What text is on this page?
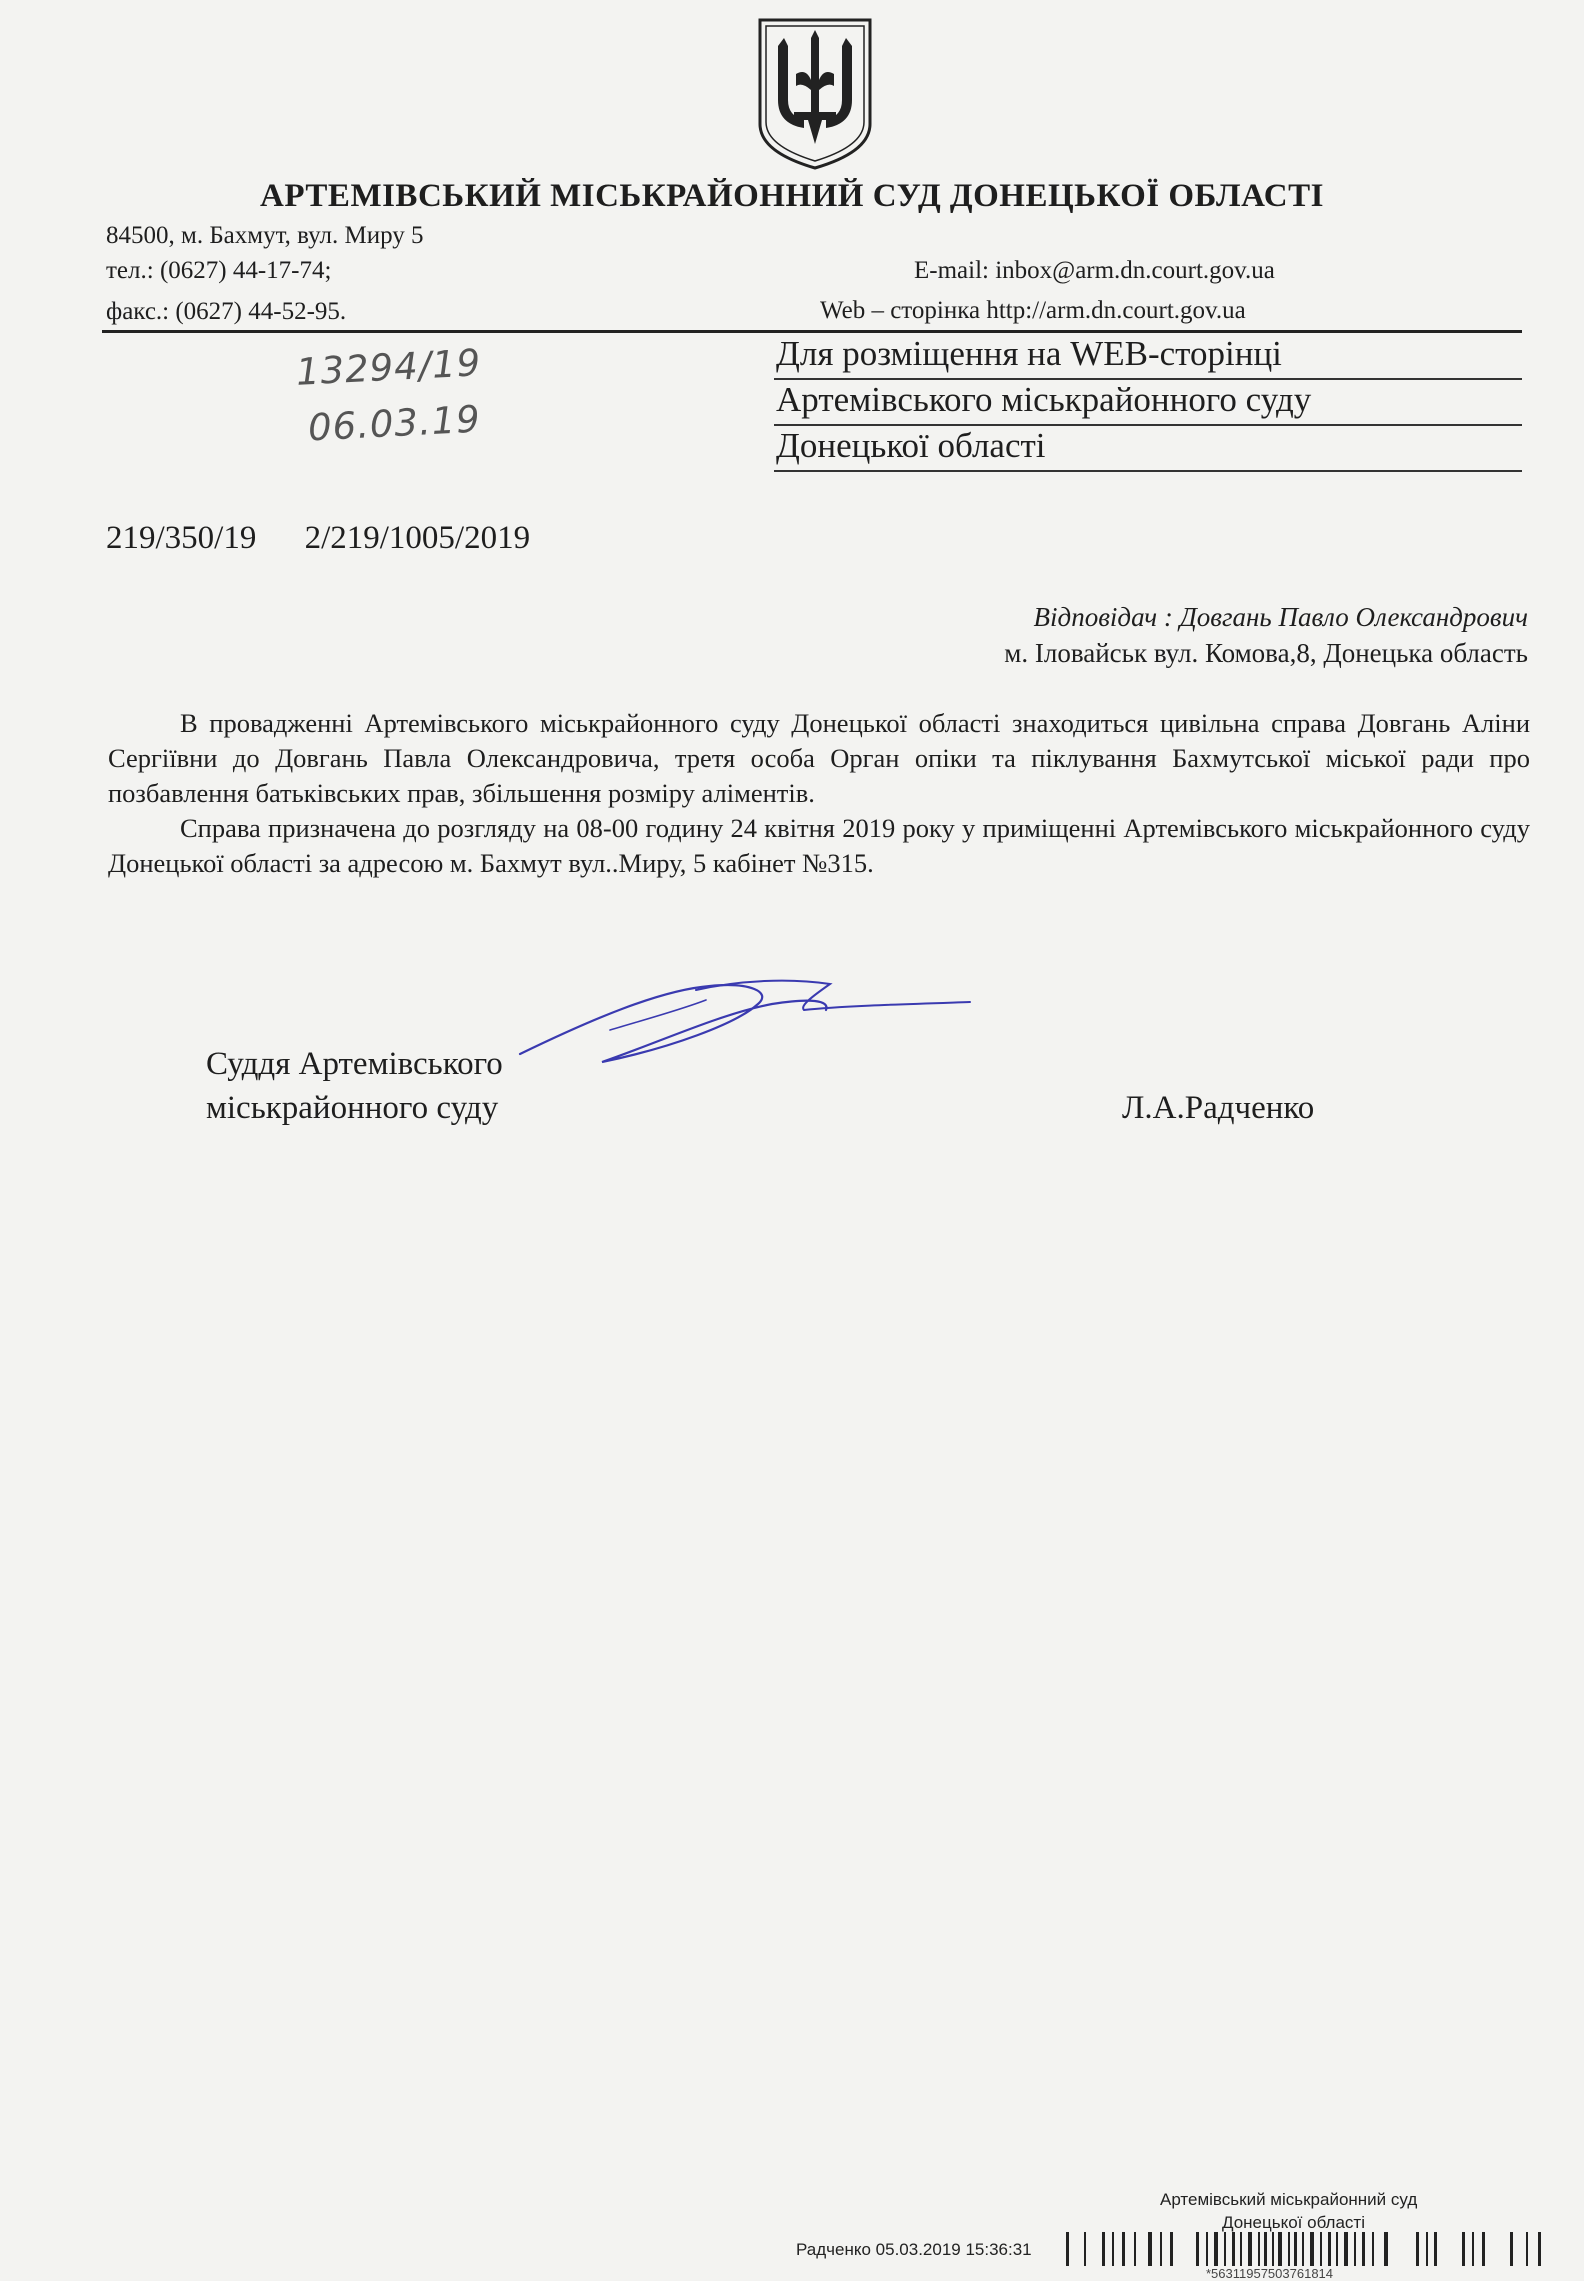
АРТЕМІВСЬКИЙ МІСЬКРАЙОННИЙ СУД ДОНЕЦЬКОЇ ОБЛАСТІ
84500, м. Бахмут, вул. Миру 5
тел.: (0627) 44-17-74;
факс.: (0627) 44-52-95.
E-mail: inbox@arm.dn.court.gov.ua
Web – сторінка http://arm.dn.court.gov.ua
Для розміщення на WEB-сторінці
Артемівського міськрайонного суду
Донецької області
13294/19
06.03.19
219/350/19 2/219/1005/2019
Відповідач : Довгань Павло Олександрович
м. Іловайськ вул. Комова,8, Донецька область

В провадженні Артемівського міськрайонного суду Донецької області знаходиться цивільна справа Довгань Аліни Сергіївни до Довгань Павла Олександровича, третя особа Орган опіки та піклування Бахмутської міської ради про позбавлення батьківських прав, збільшення розміру аліментів.

Справа призначена до розгляду на 08-00 годину 24 квітня 2019 року у приміщенні Артемівського міськрайонного суду Донецької області за адресою м. Бахмут вул..Миру, 5 кабінет №315.

Суддя Артемівського
міськрайонного суду	Л.А.Радченко
Артемівський міськрайонний суд
Донецької області
Радченко 05.03.2019 15:36:31
*56311957503761814
